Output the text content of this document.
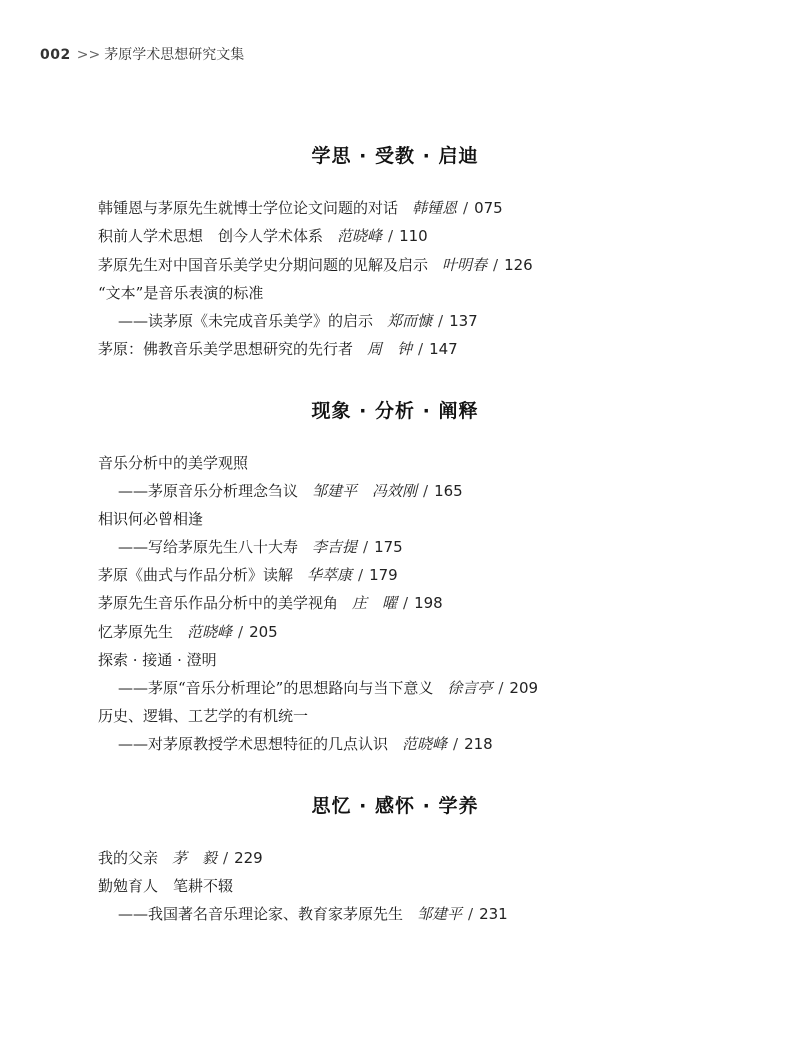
002 >> 茅原学术思想研究文集
学思 · 受教 · 启迪
韩锺恩与茅原先生就博士学位论文问题的对话 韩锺恩 / 075
积前人学术思想　创今人学术体系 范晓峰 / 110
茅原先生对中国音乐美学史分期问题的见解及启示 叶明春 / 126
“文本”是音乐表演的标准
——读茅原《未完成音乐美学》的启示 郑而慷 / 137
茅原：佛教音乐美学思想研究的先行者 周　钟 / 147
现象 · 分析 · 阐释
音乐分析中的美学观照
——茅原音乐分析理念刍议 邹建平　冯效刚 / 165
相识何必曾相逢
——写给茅原先生八十大寿 李吉提 / 175
茅原《曲式与作品分析》读解 华萃康 / 179
茅原先生音乐作品分析中的美学视角 庄　曜 / 198
忆茅原先生 范晓峰 / 205
探索 · 接通 · 澄明
——茅原“音乐分析理论”的思想路向与当下意义 徐言亭 / 209
历史、逻辑、工艺学的有机统一
——对茅原教授学术思想特征的几点认识 范晓峰 / 218
思忆 · 感怀 · 学养
我的父亲 茅　毅 / 229
勤勉育人　笔耕不辍
——我国著名音乐理论家、教育家茅原先生 邹建平 / 231
